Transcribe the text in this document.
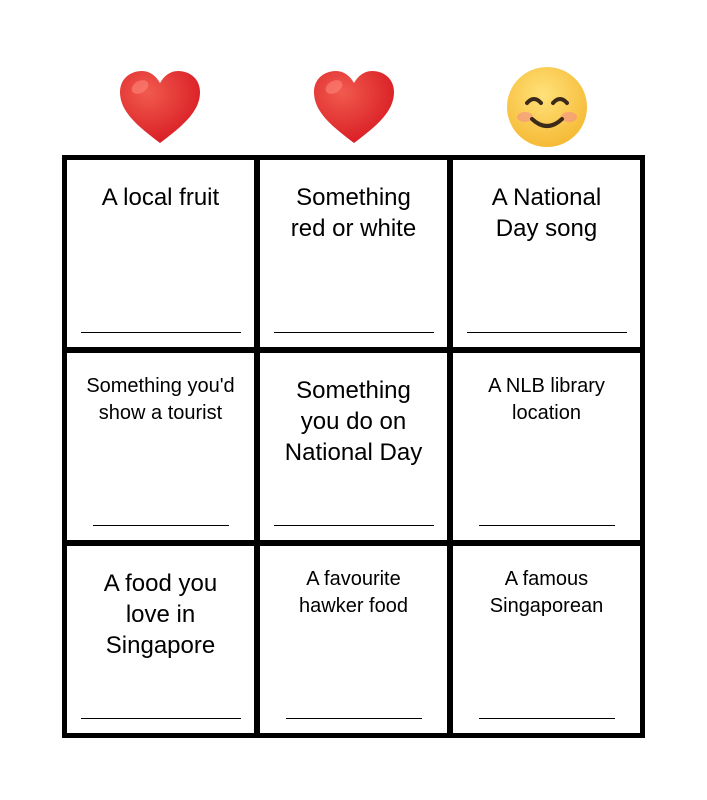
A local fruit	Something
red or white
A National
Day song
Something you'd
show a tourist
Something
you do on
National Day
A NLB library
location
A food you
love in
Singapore
A favourite
hawker food
A famous
Singaporean
